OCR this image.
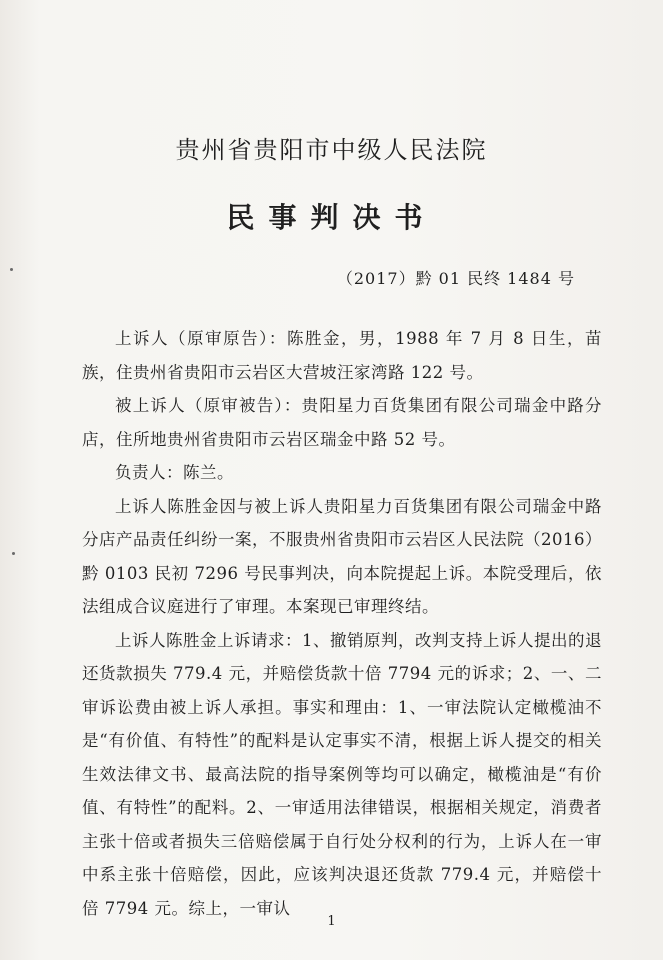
贵州省贵阳市中级人民法院
民事判决书
（2017）黔 01 民终 1484 号

上诉人（原审原告）：陈胜金，男，1988 年 7 月 8 日生，苗族，住贵州省贵阳市云岩区大营坡汪家湾路 122 号。

被上诉人（原审被告）：贵阳星力百货集团有限公司瑞金中路分店，住所地贵州省贵阳市云岩区瑞金中路 52 号。

负责人：陈兰。

上诉人陈胜金因与被上诉人贵阳星力百货集团有限公司瑞金中路分店产品责任纠纷一案，不服贵州省贵阳市云岩区人民法院（2016）黔 0103 民初 7296 号民事判决，向本院提起上诉。本院受理后，依法组成合议庭进行了审理。本案现已审理终结。

上诉人陈胜金上诉请求：1、撤销原判，改判支持上诉人提出的退还货款损失 779.4 元，并赔偿货款十倍 7794 元的诉求；2、一、二审诉讼费由被上诉人承担。事实和理由：1、一审法院认定橄榄油不是“有价值、有特性”的配料是认定事实不清，根据上诉人提交的相关生效法律文书、最高法院的指导案例等均可以确定，橄榄油是“有价值、有特性”的配料。2、一审适用法律错误，根据相关规定，消费者主张十倍或者损失三倍赔偿属于自行处分权利的行为，上诉人在一审中系主张十倍赔偿，因此，应该判决退还货款 779.4 元，并赔偿十倍 7794 元。综上，一审认

1
